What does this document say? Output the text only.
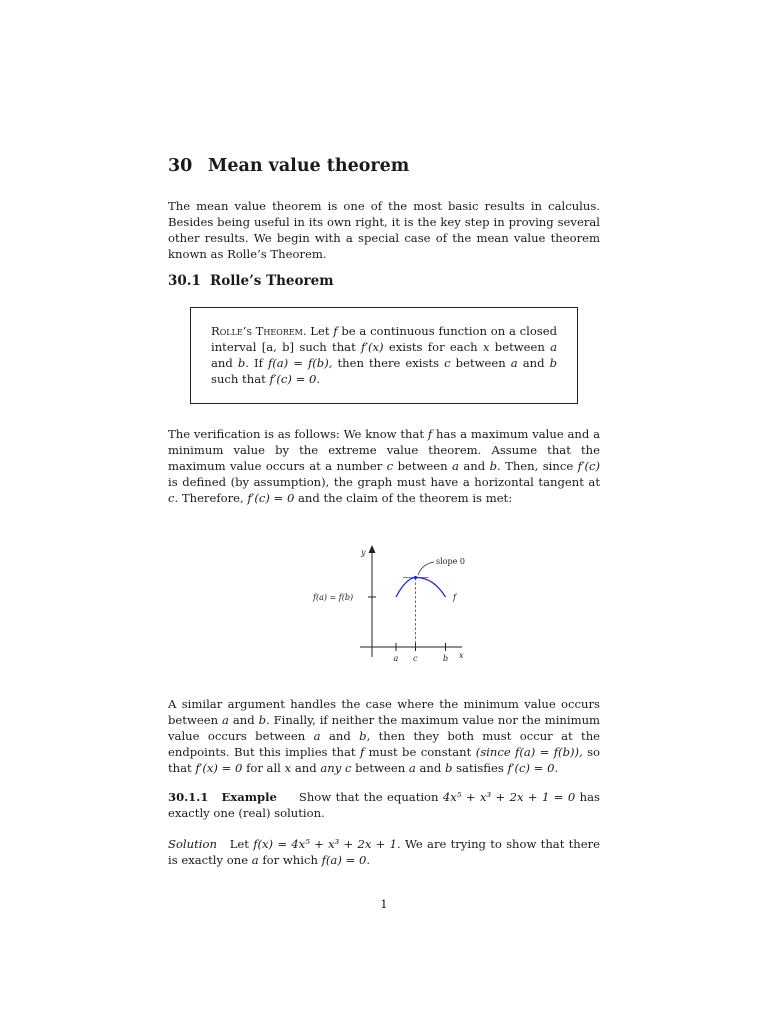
30 Mean value theorem

The mean value theorem is one of the most basic results in calculus. Besides being useful in its own right, it is the key step in proving several other results. We begin with a special case of the mean value theorem known as Rolle’s Theorem.

30.1 Rolle’s Theorem

Rolle’s Theorem. Let f be a continuous function on a closed interval [a, b] such that f′(x) exists for each x between a and b. If f(a) = f(b), then there exists c between a and b such that f′(c) = 0.

The verification is as follows: We know that f has a maximum value and a minimum value by the extreme value theorem. Assume that the maximum value occurs at a number c between a and b. Then, since f′(c) is defined (by assumption), the graph must have a horizontal tangent at c. Therefore, f′(c) = 0 and the claim of the theorem is met:

y
x
slope 0
f(a) = f(b)	f
a c	b

A similar argument handles the case where the minimum value occurs between a and b. Finally, if neither the maximum value nor the minimum value occurs between a and b, then they both must occur at the endpoints. But this implies that f must be constant (since f(a) = f(b)), so that f′(x) = 0 for all x and any c between a and b satisfies f′(c) = 0.

30.1.1 Example Show that the equation 4x⁵ + x³ + 2x + 1 = 0 has exactly one (real) solution.

Solution Let f(x) = 4x⁵ + x³ + 2x + 1. We are trying to show that there is exactly one a for which f(a) = 0.

1
